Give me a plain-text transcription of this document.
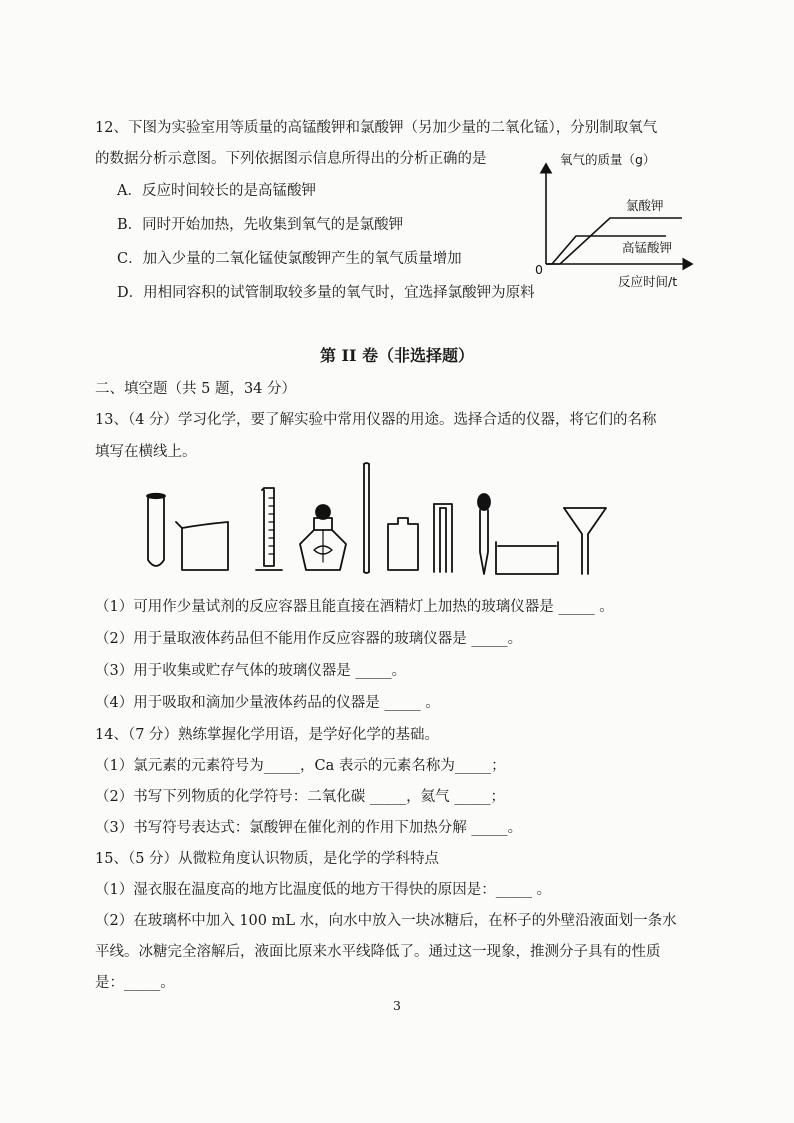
12、下图为实验室用等质量的高锰酸钾和氯酸钾（另加少量的二氧化锰），分别制取氧气
的数据分析示意图。下列依据图示信息所得出的分析正确的是
A．反应时间较长的是高锰酸钾
B．同时开始加热，先收集到氧气的是氯酸钾
C．加入少量的二氧化锰使氯酸钾产生的氧气质量增加
D．用相同容积的试管制取较多量的氧气时，宜选择氯酸钾为原料
氧气的质量（g）
反应时间/t
0
氯酸钾
高锰酸钾
第 II 卷（非选择题）
二、填空题（共 5 题，34 分）
13、（4 分）学习化学，要了解实验中常用仪器的用途。选择合适的仪器，将它们的名称
填写在横线上。
（1）可用作少量试剂的反应容器且能直接在酒精灯上加热的玻璃仪器是 _____ 。
（2）用于量取液体药品但不能用作反应容器的玻璃仪器是 _____。
（3）用于收集或贮存气体的玻璃仪器是 _____。
（4）用于吸取和滴加少量液体药品的仪器是 _____ 。
14、（7 分）熟练掌握化学用语，是学好化学的基础。
（1）氯元素的元素符号为_____，Ca 表示的元素名称为_____；
（2）书写下列物质的化学符号：二氧化碳 _____，氦气 _____；
（3）书写符号表达式：氯酸钾在催化剂的作用下加热分解 _____。
15、（5 分）从微粒角度认识物质，是化学的学科特点
（1）湿衣服在温度高的地方比温度低的地方干得快的原因是：_____ 。
（2）在玻璃杯中加入 100 mL 水，向水中放入一块冰糖后，在杯子的外壁沿液面划一条水
平线。冰糖完全溶解后，液面比原来水平线降低了。通过这一现象，推测分子具有的性质
是：_____。
3
